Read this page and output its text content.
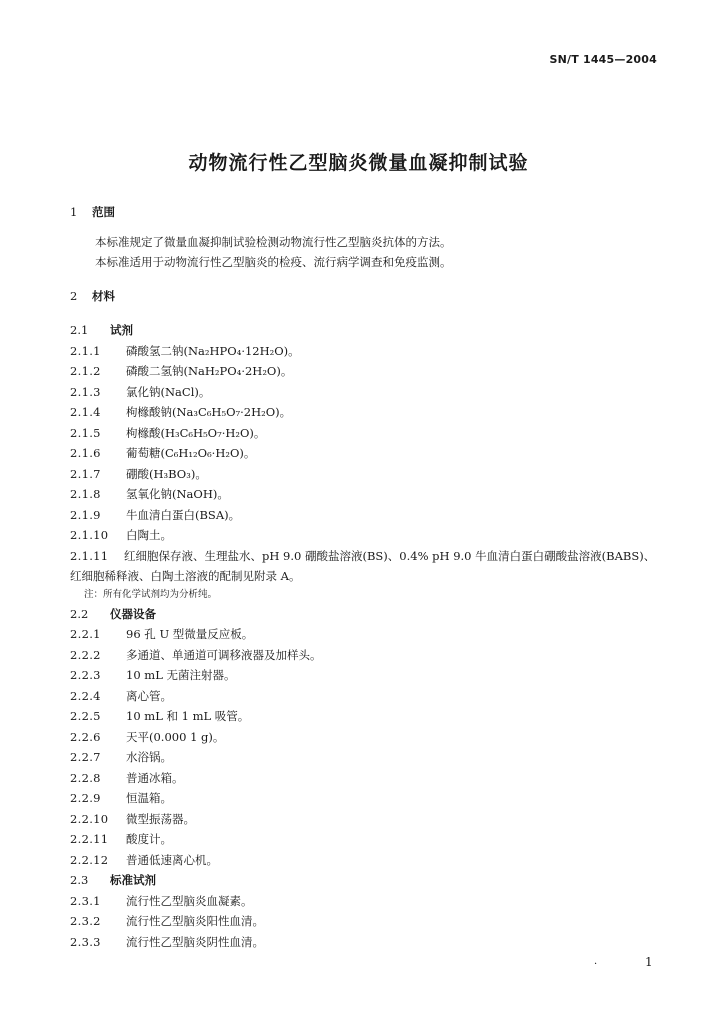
SN/T 1445—2004
动物流行性乙型脑炎微量血凝抑制试验

1	范围

本标准规定了微量血凝抑制试验检测动物流行性乙型脑炎抗体的方法。

本标准适用于动物流行性乙型脑炎的检疫、流行病学调查和免疫监测。

2	材料

2.1	试剂

2.1.1	磷酸氢二钠(Na₂HPO₄·12H₂O)。

2.1.2	磷酸二氢钠(NaH₂PO₄·2H₂O)。

2.1.3	氯化钠(NaCl)。

2.1.4	枸橼酸钠(Na₃C₆H₅O₇·2H₂O)。

2.1.5	枸橼酸(H₃C₆H₅O₇·H₂O)。

2.1.6	葡萄糖(C₆H₁₂O₆·H₂O)。

2.1.7	硼酸(H₃BO₃)。

2.1.8	氢氧化钠(NaOH)。

2.1.9	牛血清白蛋白(BSA)。

2.1.10	白陶土。

2.1.11 红细胞保存液、生理盐水、pH 9.0 硼酸盐溶液(BS)、0.4% pH 9.0 牛血清白蛋白硼酸盐溶液(BABS)、红细胞稀释液、白陶土溶液的配制见附录 A。

注：所有化学试剂均为分析纯。

2.2	仪器设备

2.2.1	96 孔 U 型微量反应板。

2.2.2	多通道、单通道可调移液器及加样头。

2.2.3	10 mL 无菌注射器。

2.2.4	离心管。

2.2.5	10 mL 和 1 mL 吸管。

2.2.6	天平(0.000 1 g)。

2.2.7	水浴锅。

2.2.8	普通冰箱。

2.2.9	恒温箱。

2.2.10	微型振荡器。

2.2.11	酸度计。

2.2.12	普通低速离心机。

2.3	标准试剂

2.3.1	流行性乙型脑炎血凝素。

2.3.2	流行性乙型脑炎阳性血清。

2.3.3	流行性乙型脑炎阴性血清。

·	1
